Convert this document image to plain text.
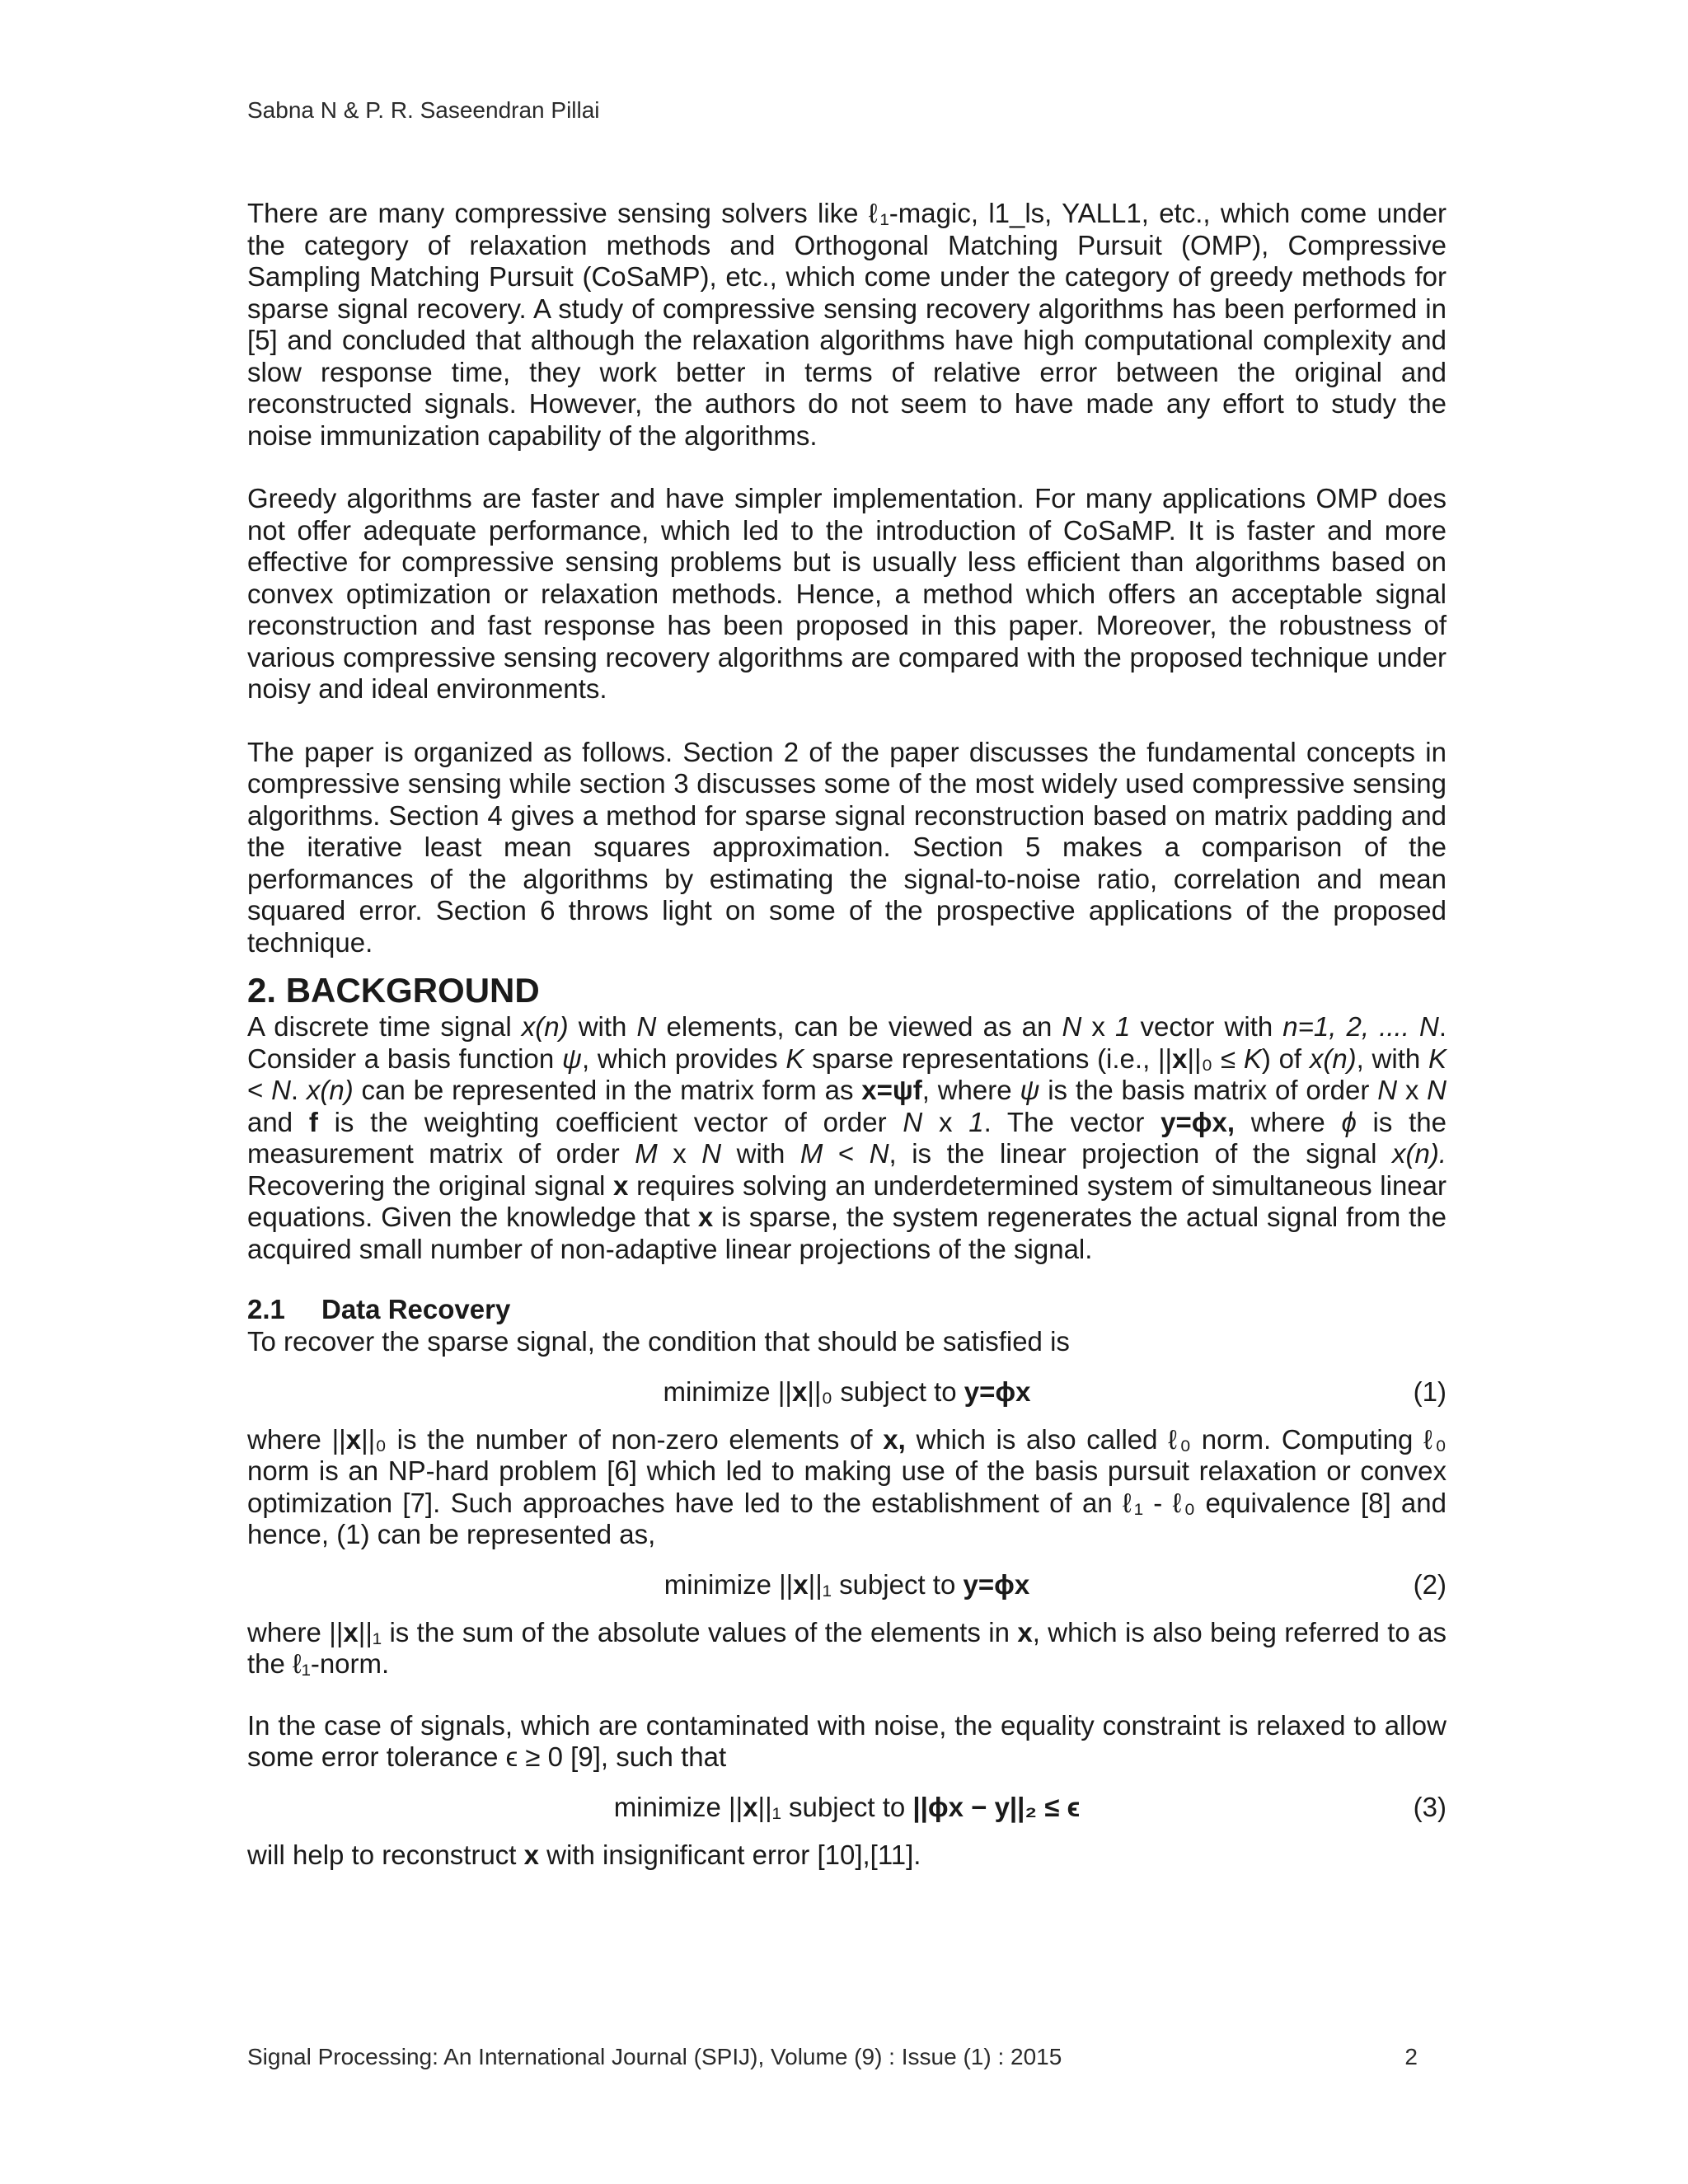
Sabna N & P. R. Saseendran Pillai

There are many compressive sensing solvers like ℓ₁-magic, l1_ls, YALL1, etc., which come under the category of relaxation methods and Orthogonal Matching Pursuit (OMP), Compressive Sampling Matching Pursuit (CoSaMP), etc., which come under the category of greedy methods for sparse signal recovery. A study of compressive sensing recovery algorithms has been performed in [5] and concluded that although the relaxation algorithms have high computational complexity and slow response time, they work better in terms of relative error between the original and reconstructed signals. However, the authors do not seem to have made any effort to study the noise immunization capability of the algorithms.

Greedy algorithms are faster and have simpler implementation. For many applications OMP does not offer adequate performance, which led to the introduction of CoSaMP. It is faster and more effective for compressive sensing problems but is usually less efficient than algorithms based on convex optimization or relaxation methods. Hence, a method which offers an acceptable signal reconstruction and fast response has been proposed in this paper. Moreover, the robustness of various compressive sensing recovery algorithms are compared with the proposed technique under noisy and ideal environments.

The paper is organized as follows. Section 2 of the paper discusses the fundamental concepts in compressive sensing while section 3 discusses some of the most widely used compressive sensing algorithms. Section 4 gives a method for sparse signal reconstruction based on matrix padding and the iterative least mean squares approximation. Section 5 makes a comparison of the performances of the algorithms by estimating the signal-to-noise ratio, correlation and mean squared error. Section 6 throws light on some of the prospective applications of the proposed technique.

2. BACKGROUND

A discrete time signal x(n) with N elements, can be viewed as an N x 1 vector with n=1, 2, .... N. Consider a basis function ψ, which provides K sparse representations (i.e., ||x||₀ ≤ K) of x(n), with K < N. x(n) can be represented in the matrix form as x=ψf, where ψ is the basis matrix of order N x N and f is the weighting coefficient vector of order N x 1. The vector y=ϕx, where ϕ is the measurement matrix of order M x N with M < N, is the linear projection of the signal x(n). Recovering the original signal x requires solving an underdetermined system of simultaneous linear equations. Given the knowledge that x is sparse, the system regenerates the actual signal from the acquired small number of non-adaptive linear projections of the signal.

2.1 Data Recovery

To recover the sparse signal, the condition that should be satisfied is

minimize ||x||₀ subject to y=ϕx	(1)

where ||x||₀ is the number of non-zero elements of x, which is also called ℓ₀ norm. Computing ℓ₀ norm is an NP-hard problem [6] which led to making use of the basis pursuit relaxation or convex optimization [7]. Such approaches have led to the establishment of an ℓ₁ - ℓ₀ equivalence [8] and hence, (1) can be represented as,

minimize ||x||₁ subject to y=ϕx	(2)

where ||x||₁ is the sum of the absolute values of the elements in x, which is also being referred to as the ℓ₁-norm.

In the case of signals, which are contaminated with noise, the equality constraint is relaxed to allow some error tolerance ϵ ≥ 0 [9], such that

minimize ||x||₁ subject to ||ϕx − y||₂ ≤ ϵ	(3)

will help to reconstruct x with insignificant error [10],[11].

Signal Processing: An International Journal (SPIJ), Volume (9) : Issue (1) : 2015	2
